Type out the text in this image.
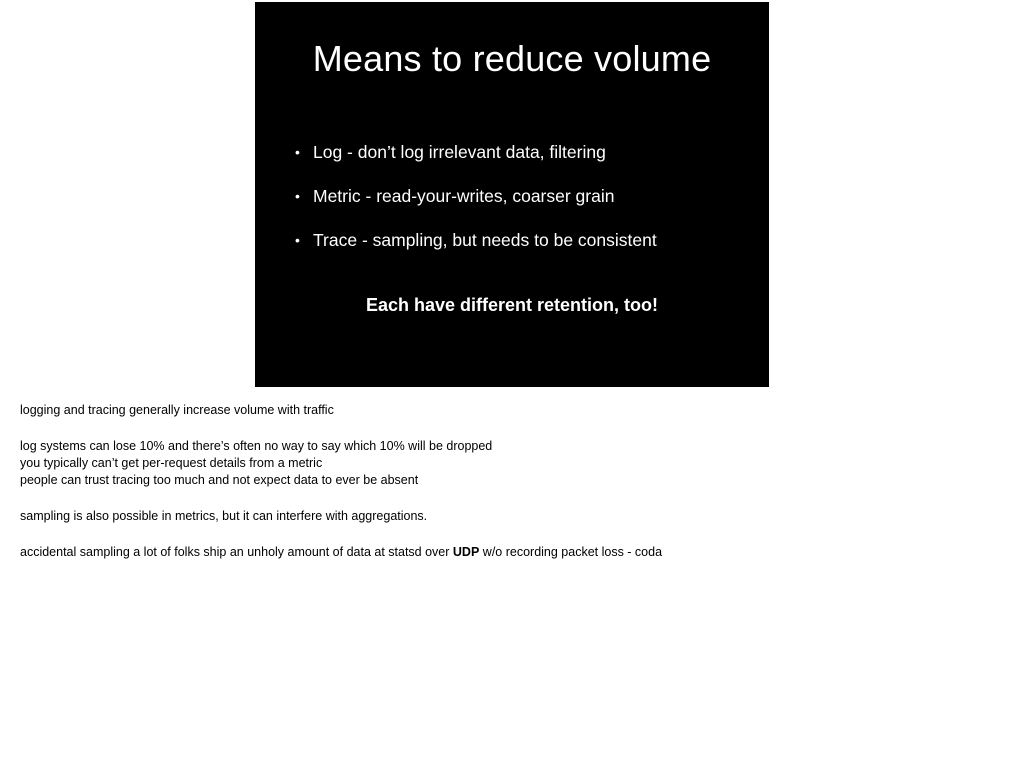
Means to reduce volume
• Log - don’t log irrelevant data, filtering
• Metric - read-your-writes, coarser grain
• Trace - sampling, but needs to be consistent

Each have different retention, too!

logging and tracing generally increase volume with traffic
log systems can lose 10% and there’s often no way to say which 10% will be dropped
you typically can’t get per-request details from a metric
people can trust tracing too much and not expect data to ever be absent
sampling is also possible in metrics, but it can interfere with aggregations.
accidental sampling a lot of folks ship an unholy amount of data at statsd over UDP w/o recording packet loss - coda
